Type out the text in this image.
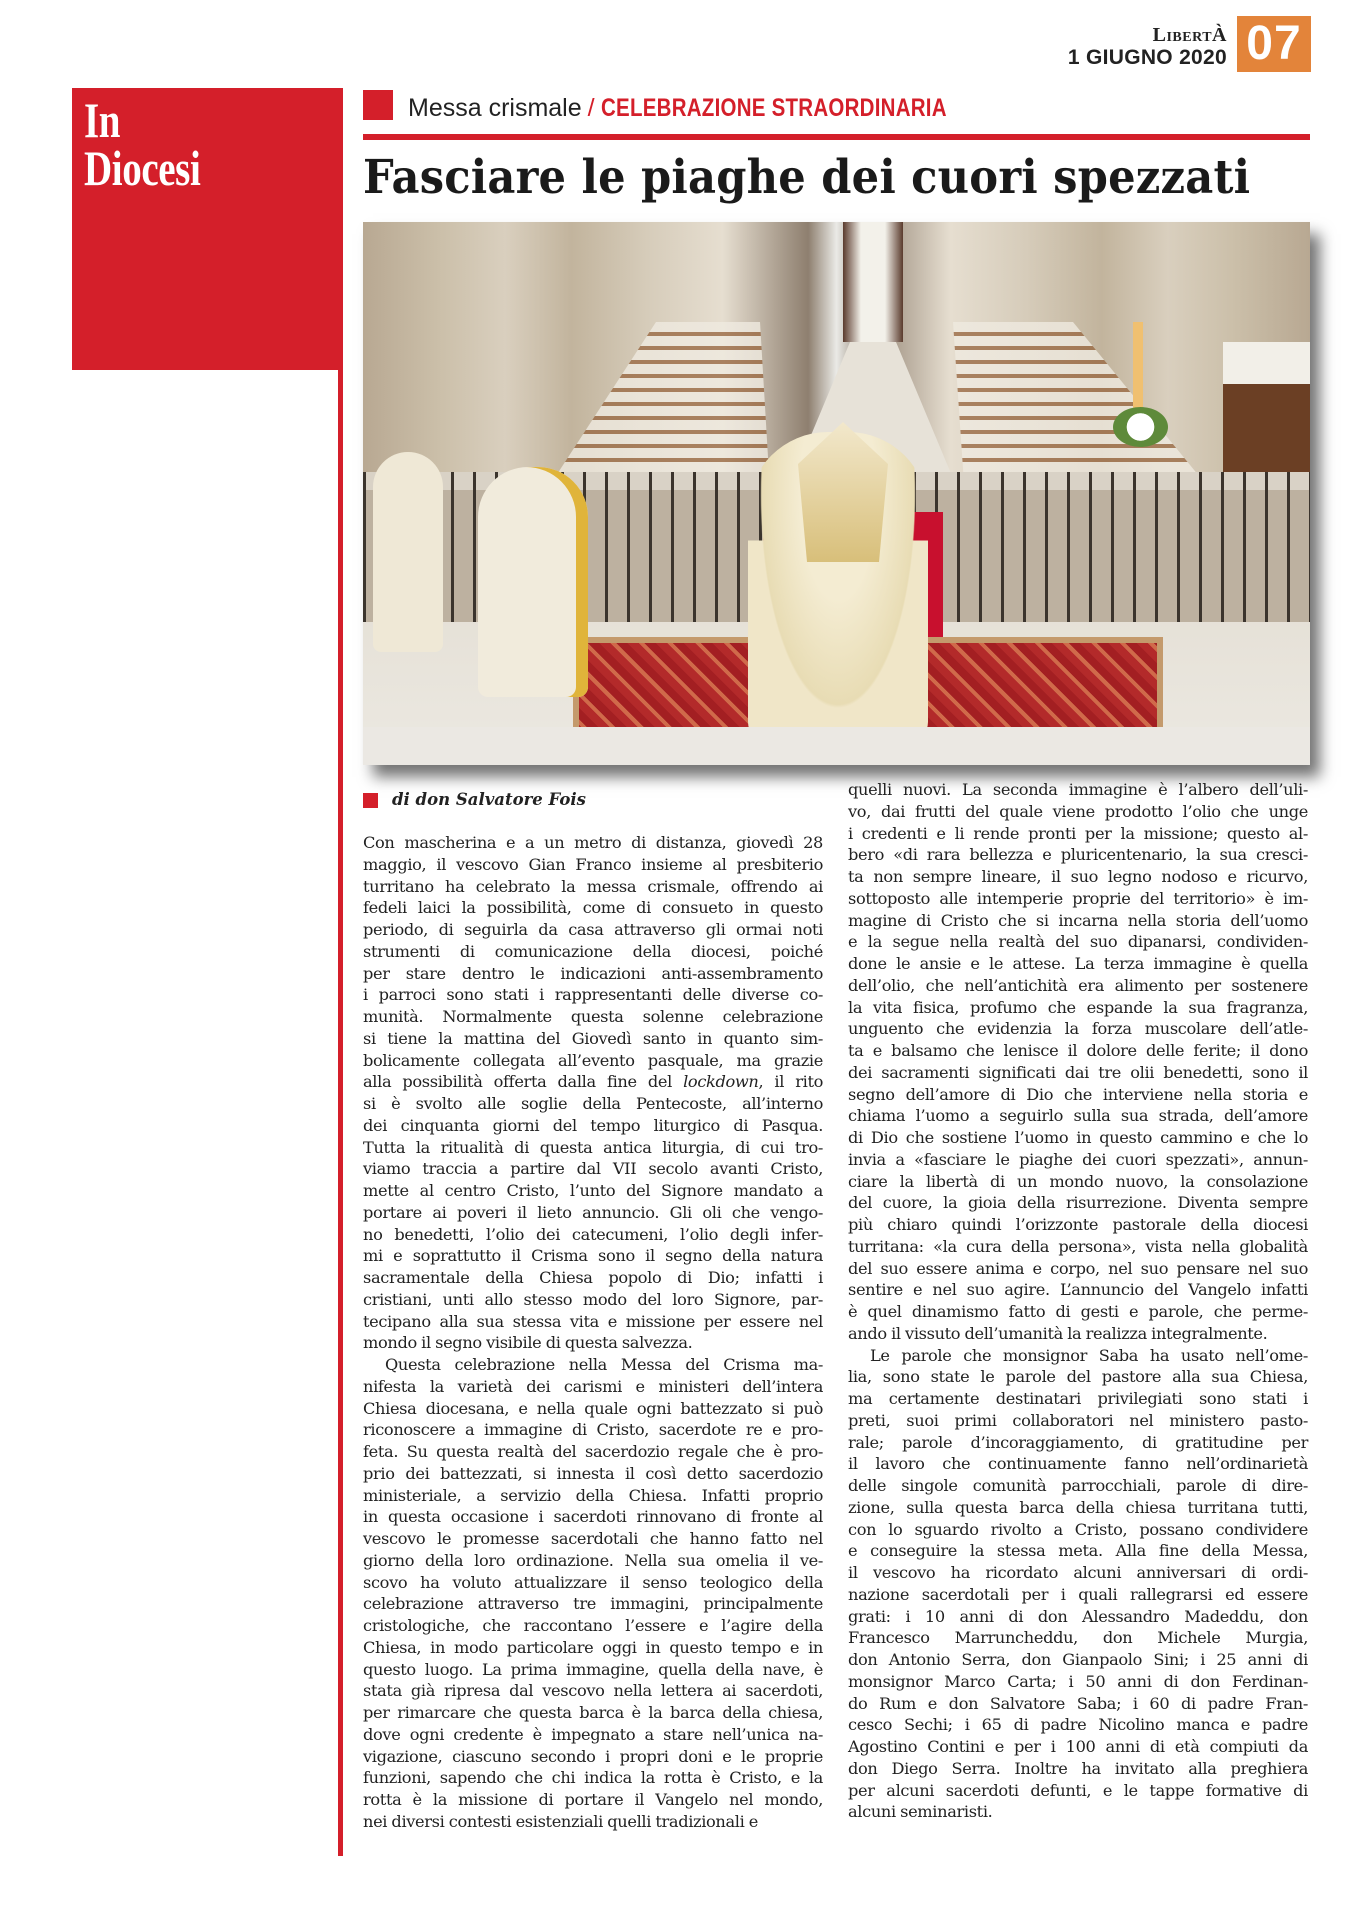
LibertÀ
1 GIUGNO 2020 07
In
Diocesi
Messa crismale / CELEBRAZIONE STRAORDINARIA
Fasciare le piaghe dei cuori spezzati
di don Salvatore Fois

Con mascherina e a un metro di distanza, giovedì 28
maggio, il vescovo Gian Franco insieme al presbiterio
turritano ha celebrato la messa crismale, offrendo ai
fedeli laici la possibilità, come di consueto in questo
periodo, di seguirla da casa attraverso gli ormai noti
strumenti di comunicazione della diocesi, poiché
per stare dentro le indicazioni anti-assembramento
i parroci sono stati i rappresentanti delle diverse co-
munità. Normalmente questa solenne celebrazione
si tiene la mattina del Giovedì santo in quanto sim-
bolicamente collegata all’evento pasquale, ma grazie
alla possibilità offerta dalla fine del lockdown, il rito
si è svolto alle soglie della Pentecoste, all’interno
dei cinquanta giorni del tempo liturgico di Pasqua.
Tutta la ritualità di questa antica liturgia, di cui tro-
viamo traccia a partire dal VII secolo avanti Cristo,
mette al centro Cristo, l’unto del Signore mandato a
portare ai poveri il lieto annuncio. Gli oli che vengo-
no benedetti, l’olio dei catecumeni, l’olio degli infer-
mi e soprattutto il Crisma sono il segno della natura
sacramentale della Chiesa popolo di Dio; infatti i
cristiani, unti allo stesso modo del loro Signore, par-
tecipano alla sua stessa vita e missione per essere nel
mondo il segno visibile di questa salvezza.

Questa celebrazione nella Messa del Crisma ma-
nifesta la varietà dei carismi e ministeri dell’intera
Chiesa diocesana, e nella quale ogni battezzato si può
riconoscere a immagine di Cristo, sacerdote re e pro-
feta. Su questa realtà del sacerdozio regale che è pro-
prio dei battezzati, si innesta il così detto sacerdozio
ministeriale, a servizio della Chiesa. Infatti proprio
in questa occasione i sacerdoti rinnovano di fronte al
vescovo le promesse sacerdotali che hanno fatto nel
giorno della loro ordinazione. Nella sua omelia il ve-
scovo ha voluto attualizzare il senso teologico della
celebrazione attraverso tre immagini, principalmente
cristologiche, che raccontano l’essere e l’agire della
Chiesa, in modo particolare oggi in questo tempo e in
questo luogo. La prima immagine, quella della nave, è
stata già ripresa dal vescovo nella lettera ai sacerdoti,
per rimarcare che questa barca è la barca della chiesa,
dove ogni credente è impegnato a stare nell’unica na-
vigazione, ciascuno secondo i propri doni e le proprie
funzioni, sapendo che chi indica la rotta è Cristo, e la
rotta è la missione di portare il Vangelo nel mondo,
nei diversi contesti esistenziali quelli tradizionali e

quelli nuovi. La seconda immagine è l’albero dell’uli-
vo, dai frutti del quale viene prodotto l’olio che unge
i credenti e li rende pronti per la missione; questo al-
bero «di rara bellezza e pluricentenario, la sua cresci-
ta non sempre lineare, il suo legno nodoso e ricurvo,
sottoposto alle intemperie proprie del territorio» è im-
magine di Cristo che si incarna nella storia dell’uomo
e la segue nella realtà del suo dipanarsi, condividen-
done le ansie e le attese. La terza immagine è quella
dell’olio, che nell’antichità era alimento per sostenere
la vita fisica, profumo che espande la sua fragranza,
unguento che evidenzia la forza muscolare dell’atle-
ta e balsamo che lenisce il dolore delle ferite; il dono
dei sacramenti significati dai tre olii benedetti, sono il
segno dell’amore di Dio che interviene nella storia e
chiama l’uomo a seguirlo sulla sua strada, dell’amore
di Dio che sostiene l’uomo in questo cammino e che lo
invia a «fasciare le piaghe dei cuori spezzati», annun-
ciare la libertà di un mondo nuovo, la consolazione
del cuore, la gioia della risurrezione. Diventa sempre
più chiaro quindi l’orizzonte pastorale della diocesi
turritana: «la cura della persona», vista nella globalità
del suo essere anima e corpo, nel suo pensare nel suo
sentire e nel suo agire. L’annuncio del Vangelo infatti
è quel dinamismo fatto di gesti e parole, che perme-
ando il vissuto dell’umanità la realizza integralmente.

Le parole che monsignor Saba ha usato nell’ome-
lia, sono state le parole del pastore alla sua Chiesa,
ma certamente destinatari privilegiati sono stati i
preti, suoi primi collaboratori nel ministero pasto-
rale; parole d’incoraggiamento, di gratitudine per
il lavoro che continuamente fanno nell’ordinarietà
delle singole comunità parrocchiali, parole di dire-
zione, sulla questa barca della chiesa turritana tutti,
con lo sguardo rivolto a Cristo, possano condividere
e conseguire la stessa meta. Alla fine della Messa,
il vescovo ha ricordato alcuni anniversari di ordi-
nazione sacerdotali per i quali rallegrarsi ed essere
grati: i 10 anni di don Alessandro Madeddu, don
Francesco Marruncheddu, don Michele Murgia,
don Antonio Serra, don Gianpaolo Sini; i 25 anni di
monsignor Marco Carta; i 50 anni di don Ferdinan-
do Rum e don Salvatore Saba; i 60 di padre Fran-
cesco Sechi; i 65 di padre Nicolino manca e padre
Agostino Contini e per i 100 anni di età compiuti da
don Diego Serra. Inoltre ha invitato alla preghiera
per alcuni sacerdoti defunti, e le tappe formative di
alcuni seminaristi.
